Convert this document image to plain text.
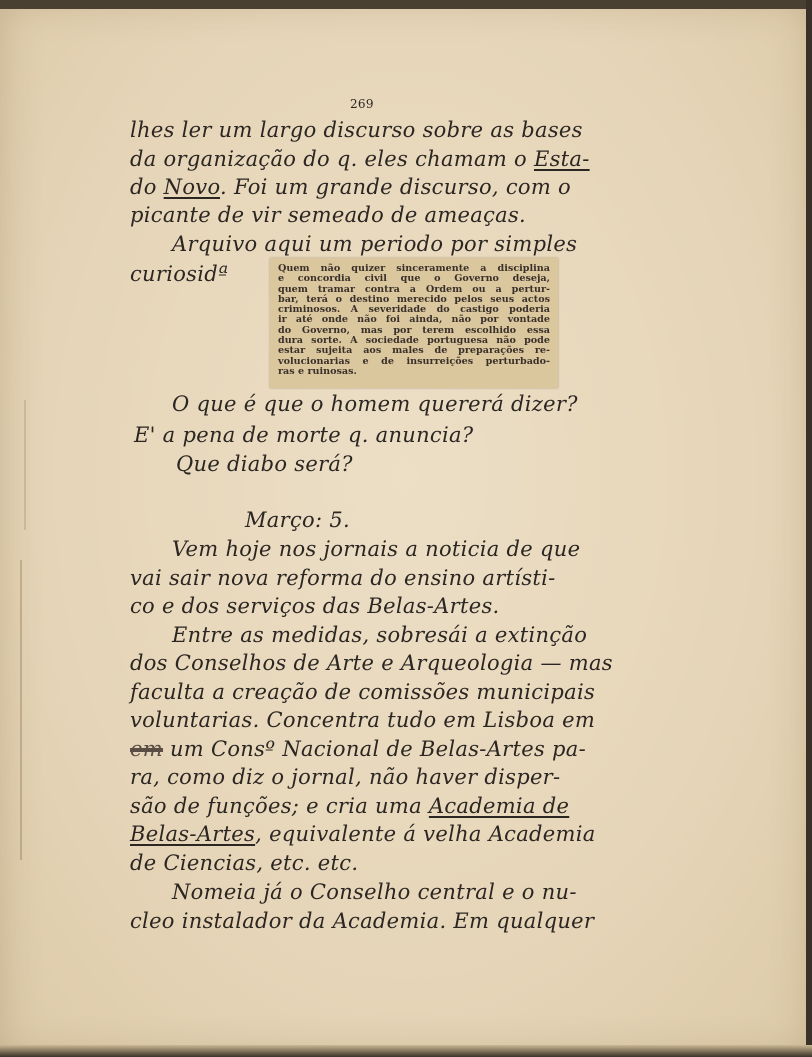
269
lhes ler um largo discurso sobre as bases
da organização do q. eles chamam o Esta-
do Novo. Foi um grande discurso, com o
picante de vir semeado de ameaças.
Arquivo aqui um periodo por simples
curiosidª	Quem não quizer sinceramente a disciplina
e concordia civil que o Governo deseja,
quem tramar contra a Ordem ou a pertur-
bar, terá o destino merecido pelos seus actos
criminosos. A severidade do castigo poderia
ir até onde não foi ainda, não por vontade
do Governo, mas por terem escolhido essa
dura sorte. A sociedade portuguesa não pode
estar sujeita aos males de preparações re-
volucionarias e de insurreições perturbado-
ras e ruinosas.
O que é que o homem quererá dizer?
E' a pena de morte q. anuncia?
Que diabo será?
Março: 5.
Vem hoje nos jornais a noticia de que
vai sair nova reforma do ensino artísti-
co e dos serviços das Belas-Artes.
Entre as medidas, sobresái a extinção
dos Conselhos de Arte e Arqueologia — mas
faculta a creação de comissões municipais
voluntarias. Concentra tudo em Lisboa em
em um Consº Nacional de Belas-Artes pa-
ra, como diz o jornal, não haver disper-
são de funções; e cria uma Academia de
Belas-Artes, equivalente á velha Academia
de Ciencias, etc. etc.
Nomeia já o Conselho central e o nu-
cleo instalador da Academia. Em qualquer
